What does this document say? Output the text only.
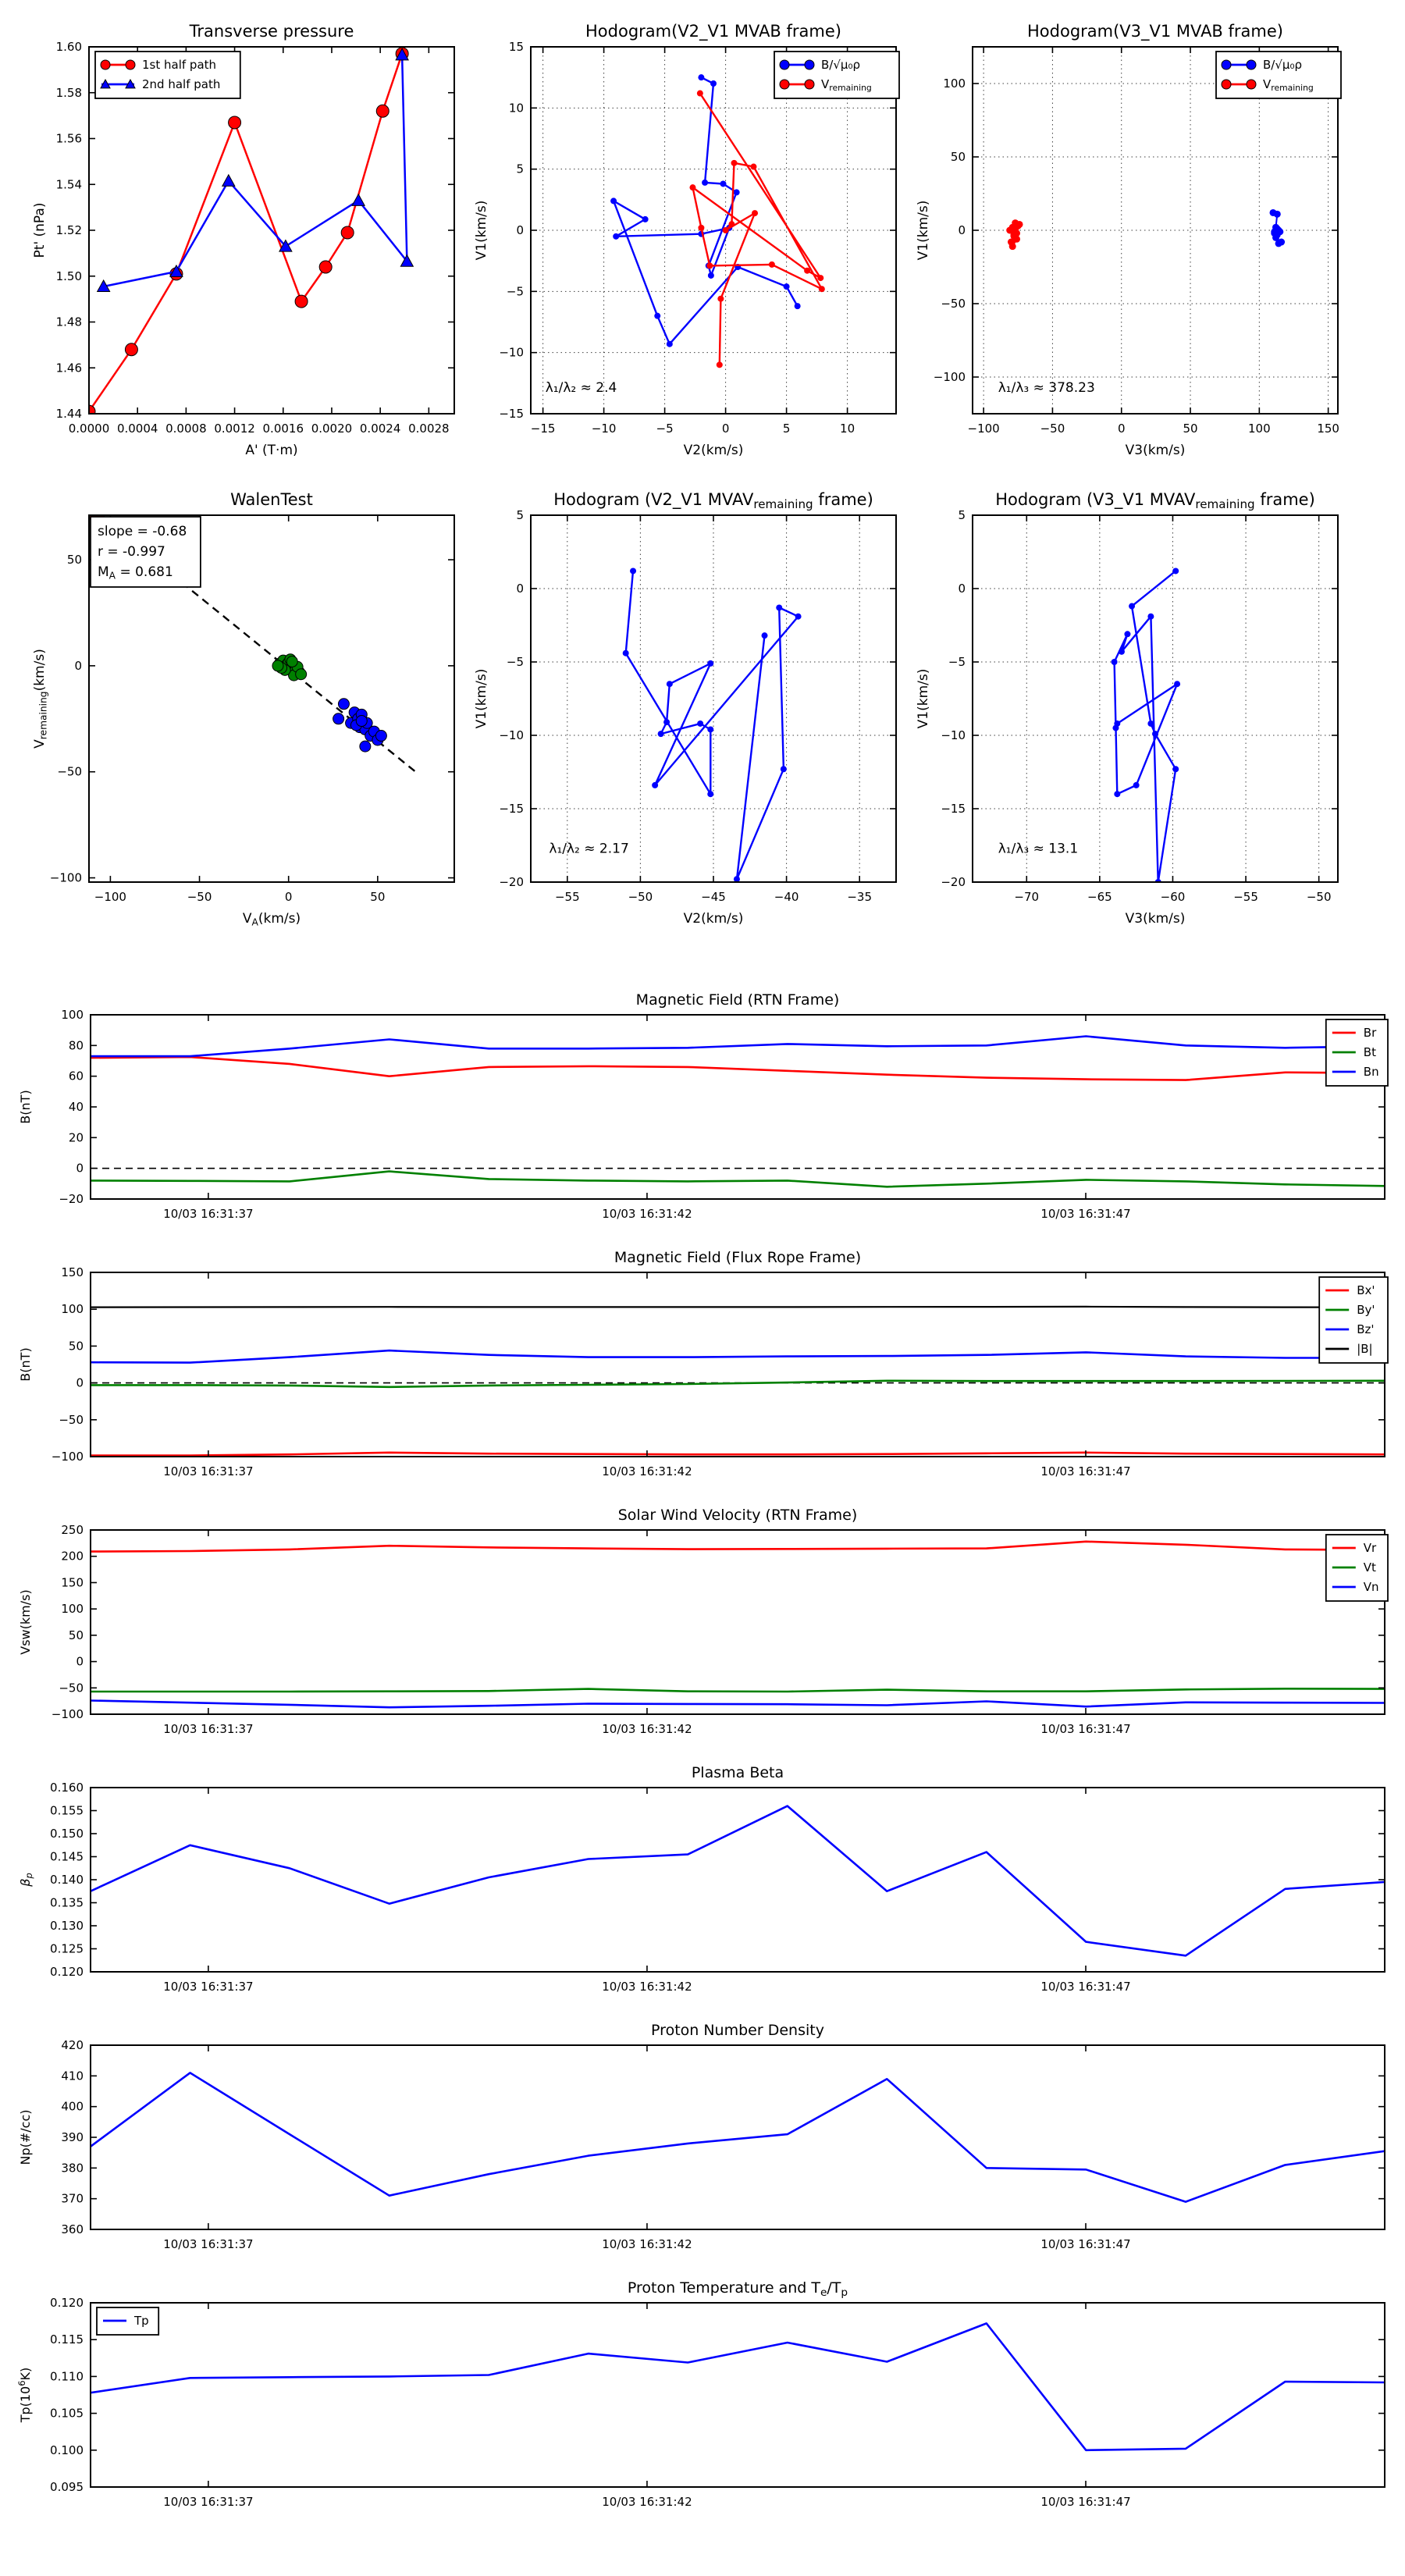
0.0000 0.0004 0.0008 0.0012 0.0016 0.0020 0.0024 0.0028
1.44
1.46
1.48
1.50
1.52
1.54
1.56
1.58
1.60
Transverse pressure
A' (T·m)
Pt' (nPa)
1st half path
2nd half path
−15	−10	−5	0	5	10
−15
−10
−5
0
5
10
15
Hodogram(V2_V1 MVAB frame)
V2(km/s)
V1(km/s)
λ₁/λ₂ ≈ 2.4
B/√μ₀ρ
$V_{remaining}$
−100	−50	0	50	100	150
−100
−50
0
50
100
Hodogram(V3_V1 MVAB frame)
V3(km/s)
V1(km/s)
λ₁/λ₃ ≈ 378.23
B/√μ₀ρ
$V_{remaining}$
−100	−50	0	50
−100
−50
0
50
WalenTest
$V_A(km/s)$
$V_{remaining}(km/s)$
slope = -0.68
r = -0.997
$M_A = 0.681$
−55	−50	−45	−40	−35
−20
−15
−10
−5
0
5
Hodogram (V2_V1 $MVAV_{remaining}$ frame)
V2(km/s)
V1(km/s)
λ₁/λ₂ ≈ 2.17
−70	−65	−60	−55	−50
−20
−15
−10
−5
0
5
Hodogram (V3_V1 $MVAV_{remaining}$ frame)
V3(km/s)
V1(km/s)
λ₁/λ₃ ≈ 13.1
10/03 16:31:37	10/03 16:31:42	10/03 16:31:47
−20
0
20
40
60
80
100
Magnetic Field (RTN Frame)
B(nT)
Br
Bt
Bn
10/03 16:31:37	10/03 16:31:42	10/03 16:31:47
−100
−50
0
50
100
150
Magnetic Field (Flux Rope Frame)
B(nT)
Bx'
By'
Bz'
|B|
10/03 16:31:37	10/03 16:31:42	10/03 16:31:47
−100
−50
0
50
100
150
200
250
Solar Wind Velocity (RTN Frame)
Vsw(km/s)
Vr
Vt
Vn
10/03 16:31:37	10/03 16:31:42	10/03 16:31:47
0.120
0.125
0.130
0.135
0.140
0.145
0.150
0.155
0.160
Plasma Beta
$\beta_p$
10/03 16:31:37	10/03 16:31:42	10/03 16:31:47
360
370
380
390
400
410
420
Proton Number Density
Np(#/cc)
10/03 16:31:37	10/03 16:31:42	10/03 16:31:47
0.095
0.100
0.105
0.110
0.115
0.120
Proton Temperature and $T_e/T_p$
$Tp(10^6K)$
Tp
